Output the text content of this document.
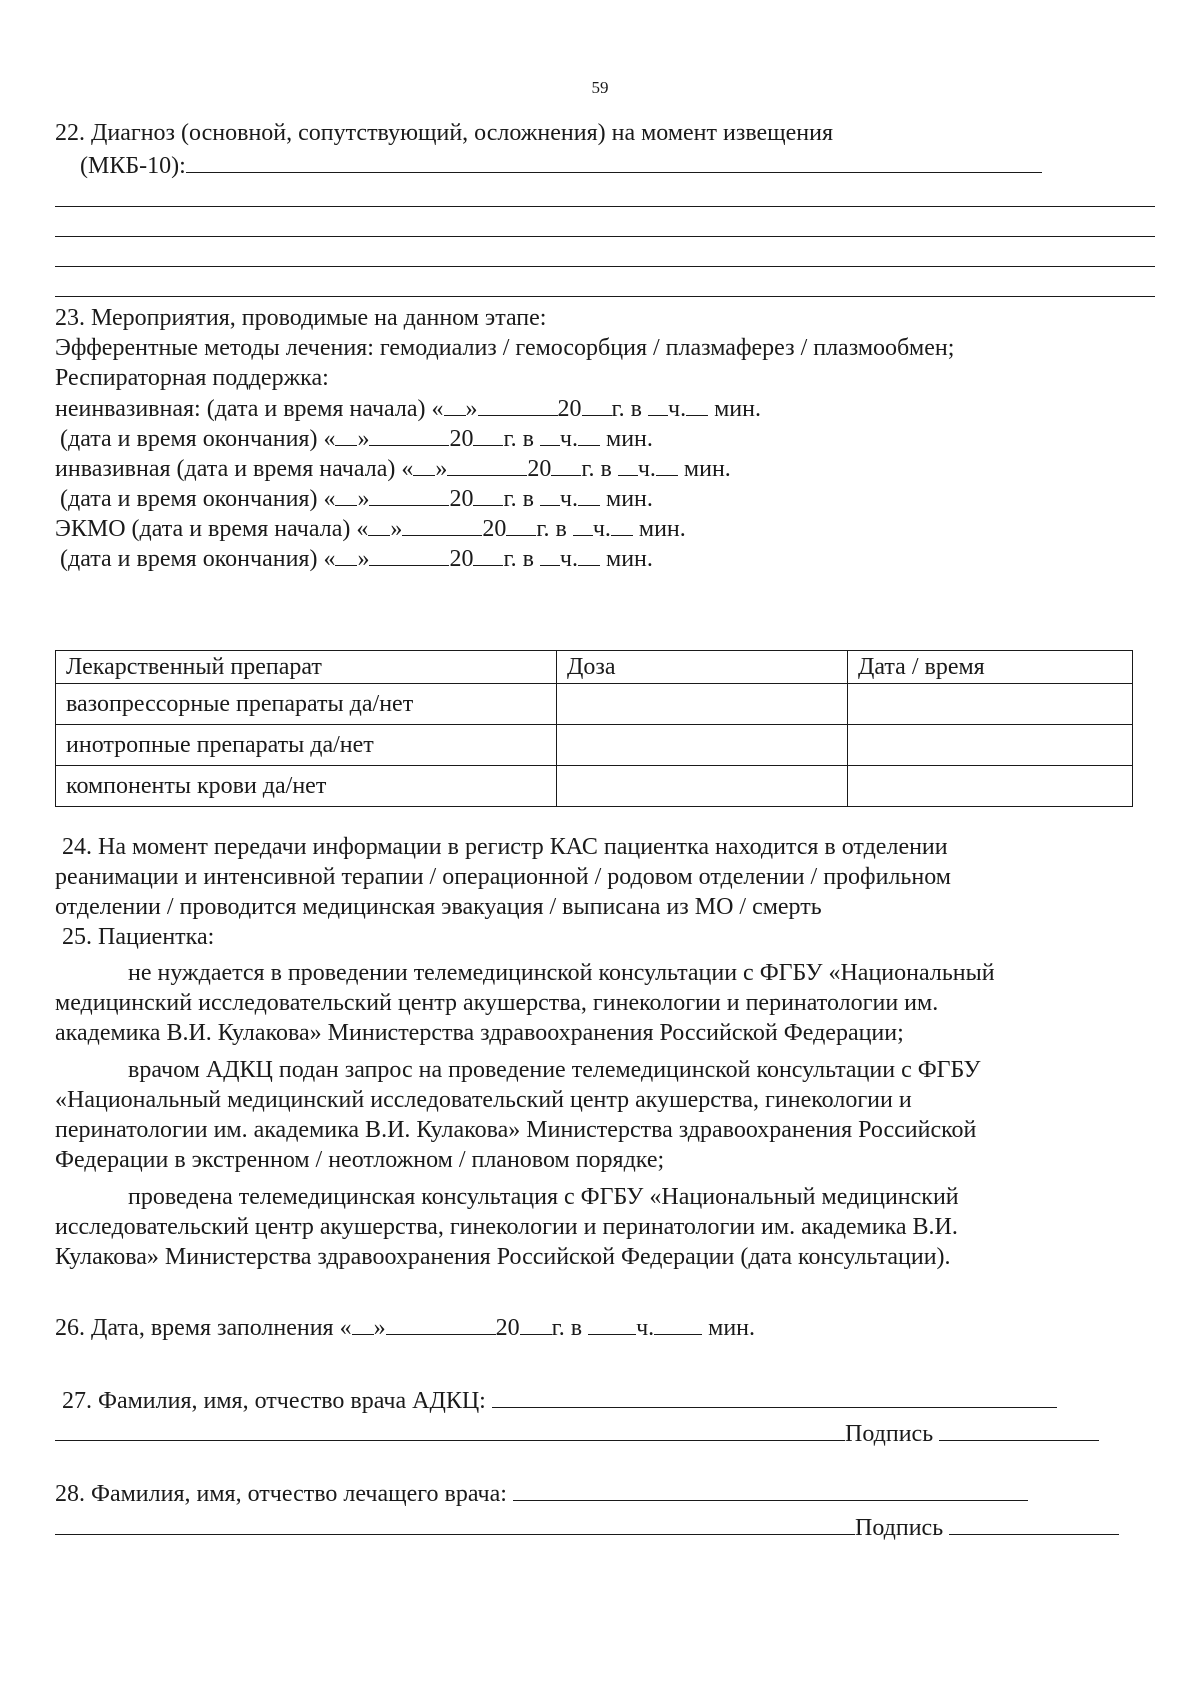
59
22. Диагноз (основной, сопутствующий, осложнения) на момент извещения
(МКБ-10):
23. Мероприятия, проводимые на данном этапе:
Эфферентные методы лечения: гемодиализ / гемосорбция / плазмаферез / плазмообмен;
Респираторная поддержка:
неинвазивная: (дата и время начала) « »	20 г. в ч. мин.
(дата и время окончания) « »	20 г. в ч. мин.
инвазивная (дата и время начала) « »	20 г. в ч. мин.
(дата и время окончания) « »	20 г. в ч. мин.
ЭКМО (дата и время начала) « »	20 г. в ч. мин.
(дата и время окончания) « »	20 г. в ч. мин.
Лекарственный препарат	Доза	Дата / время
вазопрессорные препараты да/нет		
инотропные препараты да/нет		
компоненты крови да/нет		
24. На момент передачи информации в регистр КАС пациентка находится в отделении
реанимации и интенсивной терапии / операционной / родовом отделении / профильном
отделении / проводится медицинская эвакуация / выписана из МО / смерть
25. Пациентка:
не нуждается в проведении телемедицинской консультации с ФГБУ «Национальный
медицинский исследовательский центр акушерства, гинекологии и перинатологии им.
академика В.И. Кулакова» Министерства здравоохранения Российской Федерации;
врачом АДКЦ подан запрос на проведение телемедицинской консультации с ФГБУ
«Национальный медицинский исследовательский центр акушерства, гинекологии и
перинатологии им. академика В.И. Кулакова» Министерства здравоохранения Российской
Федерации в экстренном / неотложном / плановом порядке;
проведена телемедицинская консультация с ФГБУ «Национальный медицинский
исследовательский центр акушерства, гинекологии и перинатологии им. академика В.И.
Кулакова» Министерства здравоохранения Российской Федерации (дата консультации).
26. Дата, время заполнения « »	20 г. в ч. мин.
27. Фамилия, имя, отчество врача АДКЦ:
Подпись
28. Фамилия, имя, отчество лечащего врача:
Подпись
